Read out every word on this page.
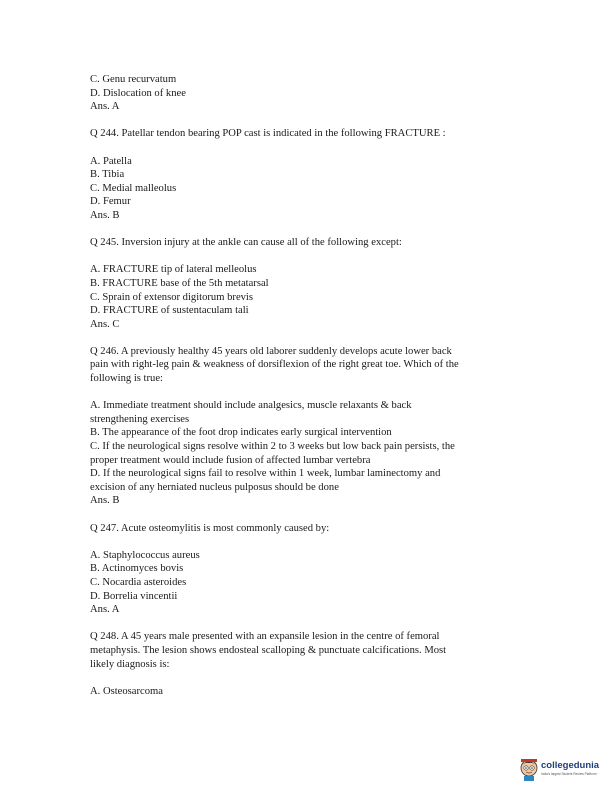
C. Genu recurvatum
D. Dislocation of knee
Ans. A
Q 244. Patellar tendon bearing POP cast is indicated in the following FRACTURE :
A. Patella
B. Tibia
C. Medial malleolus
D. Femur
Ans. B
Q 245. Inversion injury at the ankle can cause all of the following except:
A. FRACTURE tip of lateral melleolus
B. FRACTURE base of the 5th metatarsal
C. Sprain of extensor digitorum brevis
D. FRACTURE of sustentaculam tali
Ans. C
Q 246. A previously healthy 45 years old laborer suddenly develops acute lower back
pain with right-leg pain & weakness of dorsiflexion of the right great toe. Which of the
following is true:
A. Immediate treatment should include analgesics, muscle relaxants & back
strengthening exercises
B. The appearance of the foot drop indicates early surgical intervention
C. If the neurological signs resolve within 2 to 3 weeks but low back pain persists, the
proper treatment would include fusion of affected lumbar vertebra
D. If the neurological signs fail to resolve within 1 week, lumbar laminectomy and
excision of any herniated nucleus pulposus should be done
Ans. B
Q 247. Acute osteomylitis is most commonly caused by:
A. Staphylococcus aureus
B. Actinomyces bovis
C. Nocardia asteroides
D. Borrelia vincentii
Ans. A
Q 248. A 45 years male presented with an expansile lesion in the centre of femoral
metaphysis. The lesion shows endosteal scalloping & punctuate calcifications. Most
likely diagnosis is:
A. Osteosarcoma
collegedunia
India's largest Student Review Platform
